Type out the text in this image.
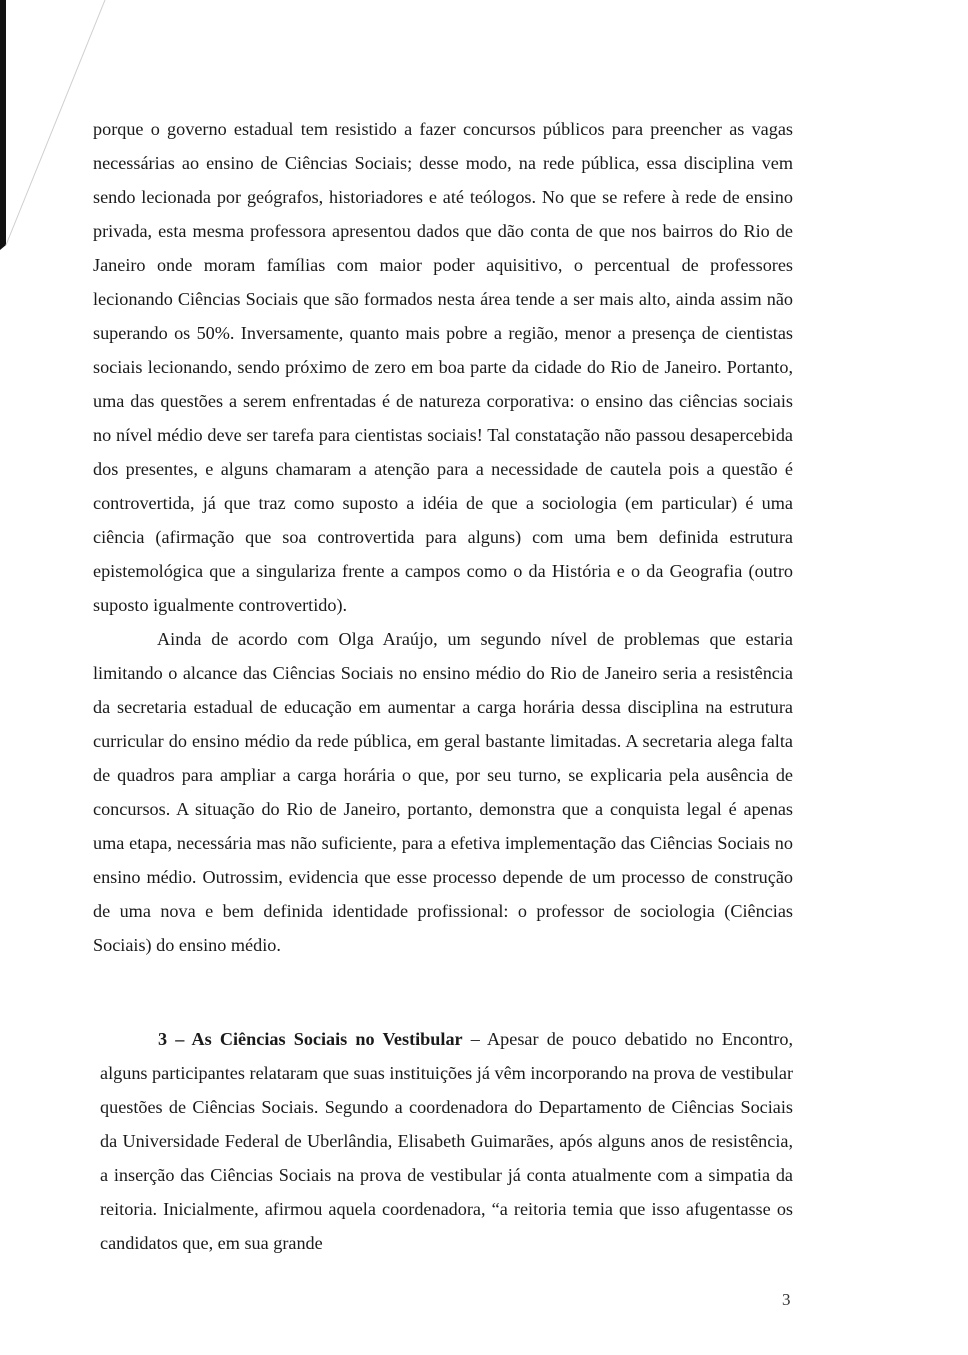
porque o governo estadual tem resistido a fazer concursos públicos para preencher as vagas necessárias ao ensino de Ciências Sociais; desse modo, na rede pública, essa disciplina vem sendo lecionada por geógrafos, historiadores e até teólogos. No que se refere à rede de ensino privada, esta mesma professora apresentou dados que dão conta de que nos bairros do Rio de Janeiro onde moram famílias com maior poder aquisitivo, o percentual de professores lecionando Ciências Sociais que são formados nesta área tende a ser mais alto, ainda assim não superando os 50%. Inversamente, quanto mais pobre a região, menor a presença de cientistas sociais lecionando, sendo próximo de zero em boa parte da cidade do Rio de Janeiro. Portanto, uma das questões a serem enfrentadas é de natureza corporativa: o ensino das ciências sociais no nível médio deve ser tarefa para cientistas sociais! Tal constatação não passou desapercebida dos presentes, e alguns chamaram a atenção para a necessidade de cautela pois a questão é controvertida, já que traz como suposto a idéia de que a sociologia (em particular) é uma ciência (afirmação que soa controvertida para alguns) com uma bem definida estrutura epistemológica que a singulariza frente a campos como o da História e o da Geografia (outro suposto igualmente controvertido).

Ainda de acordo com Olga Araújo, um segundo nível de problemas que estaria limitando o alcance das Ciências Sociais no ensino médio do Rio de Janeiro seria a resistência da secretaria estadual de educação em aumentar a carga horária dessa disciplina na estrutura curricular do ensino médio da rede pública, em geral bastante limitadas. A secretaria alega falta de quadros para ampliar a carga horária o que, por seu turno, se explicaria pela ausência de concursos. A situação do Rio de Janeiro, portanto, demonstra que a conquista legal é apenas uma etapa, necessária mas não suficiente, para a efetiva implementação das Ciências Sociais no ensino médio. Outrossim, evidencia que esse processo depende de um processo de construção de uma nova e bem definida identidade profissional: o professor de sociologia (Ciências Sociais) do ensino médio.

3 – As Ciências Sociais no Vestibular – Apesar de pouco debatido no Encontro, alguns participantes relataram que suas instituições já vêm incorporando na prova de vestibular questões de Ciências Sociais. Segundo a coordenadora do Departamento de Ciências Sociais da Universidade Federal de Uberlândia, Elisabeth Guimarães, após alguns anos de resistência, a inserção das Ciências Sociais na prova de vestibular já conta atualmente com a simpatia da reitoria. Inicialmente, afirmou aquela coordenadora, “a reitoria temia que isso afugentasse os candidatos que, em sua grande

3
